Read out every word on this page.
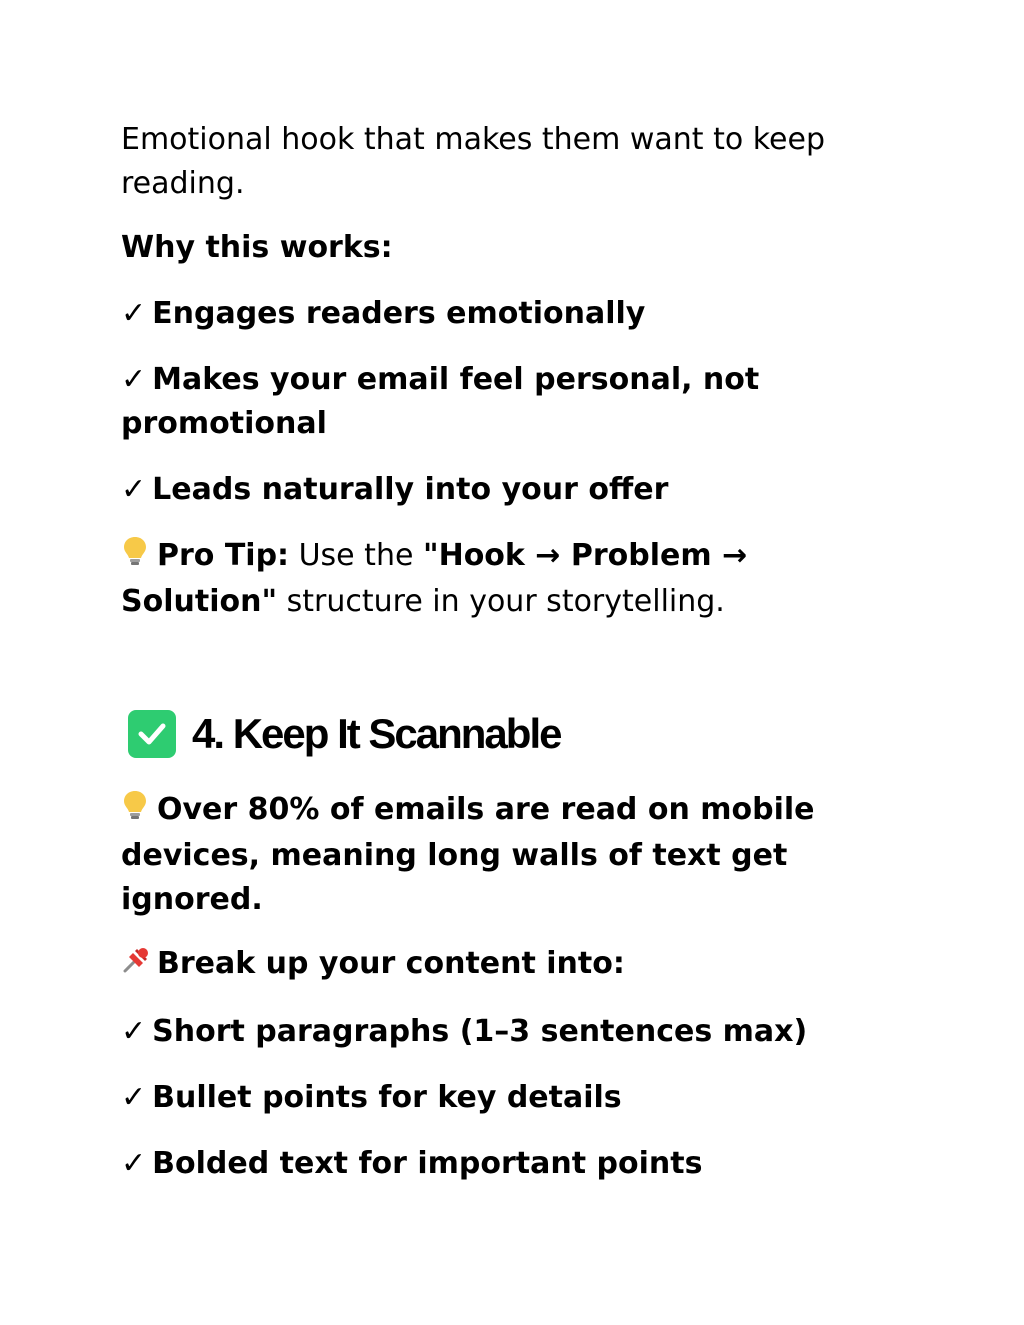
Emotional hook that makes them want to keep reading.

Why this works:

✓ Engages readers emotionally

✓ Makes your email feel personal, not promotional

✓ Leads naturally into your offer

Pro Tip: Use the "Hook → Problem → Solution" structure in your storytelling.

4. Keep It Scannable

Over 80% of emails are read on mobile devices, meaning long walls of text get ignored.

Break up your content into:

✓ Short paragraphs (1–3 sentences max)

✓ Bullet points for key details

✓ Bolded text for important points
